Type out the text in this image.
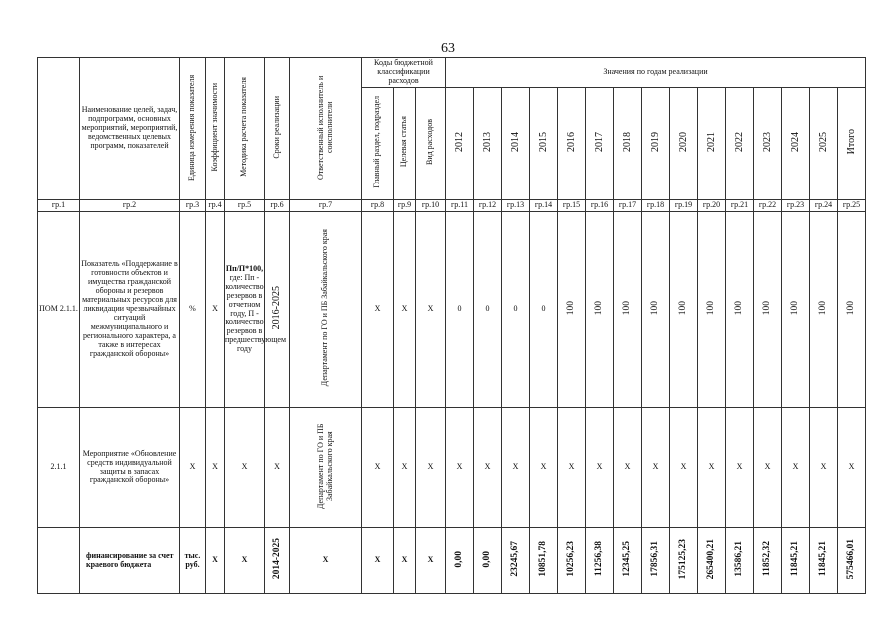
63
	Наименование целей, задач, подпрограмм, основных мероприятий, мероприятий, ведомственных целевых программ, показателей	Единица измерения показателя	Коэффициент значимости	Методика расчета показателя	Сроки реализации	Ответственный исполнитель и соисполнители	Коды бюджетной классификации расходов			Значения по годам реализации														
							Главный раздел, подраздел	Целевая статья	Вид расходов	2012	2013	2014	2015	2016	2017	2018	2019	2020	2021	2022	2023	2024	2025	Итого
гр.1	гр.2	гр.3	гр.4	гр.5	гр.6	гр.7	гр.8	гр.9	гр.10	гр.11	гр.12	гр.13	гр.14	гр.15	гр.16	гр.17	гр.18	гр.19	гр.20	гр.21	гр.22	гр.23	гр.24	гр.25
ПОМ 2.1.1.	Показатель «Поддержание в готовности объектов и имущества гражданской обороны и резервов материальных ресурсов для ликвидации чрезвычайных ситуаций межмуниципального и регионального характера, а также в интересах гражданской обороны»	%	Х	Пп/П*100,
где: Пп - количество резервов в отчетном году, П - количество резервов в предшествующем году	2016-2025	Департамент по ГО и ПБ Забайкальского края	Х	Х	Х	0	0	0	0	100	100	100	100	100	100	100	100	100	100	100
2.1.1	Мероприятие «Обновление средств индивидуальной защиты в запасах гражданской обороны»	Х	Х	Х	Х	Департамент по ГО и ПБ Забайкальского края	Х	Х	Х	Х	Х	Х	Х	Х	Х	Х	Х	Х	Х	Х	Х	Х	Х	Х
	финансирование за счет краевого бюджета	тыс. руб.	Х	Х	2014-2025	Х	Х	Х	Х	0,00	0,00	23245,67	10851,78	10256,23	11256,38	12345,25	17856,31	175125,23	265400,21	13586,21	11852,32	11845,21	11845,21	575466,01
